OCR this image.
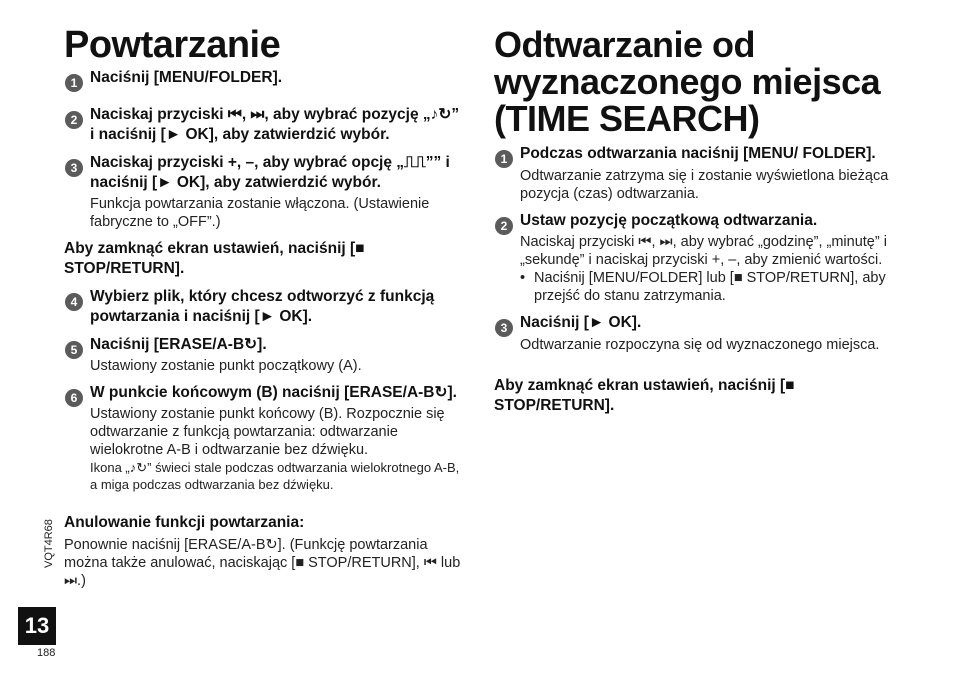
Powtarzanie
1 Naciśnij [MENU/FOLDER].

2 Naciskaj przyciski ⏮, ⏭, aby wybrać pozycję „♪↻” i naciśnij [► OK], aby zatwierdzić wybór.

3 Naciskaj przyciski +, –, aby wybrać opcję „⎍⎍”” i naciśnij [► OK], aby zatwierdzić wybór.

Funkcja powtarzania zostanie włączona. (Ustawienie fabryczne to „OFF”.)

Aby zamknąć ekran ustawień, naciśnij [■ STOP/RETURN].

4 Wybierz plik, który chcesz odtworzyć z funkcją powtarzania i naciśnij [► OK].

5 Naciśnij [ERASE/A-B↻].

Ustawiony zostanie punkt początkowy (A).

6 W punkcie końcowym (B) naciśnij [ERASE/A-B↻].

Ustawiony zostanie punkt końcowy (B). Rozpocznie się odtwarzanie z funkcją powtarzania: odtwarzanie wielokrotne A-B i odtwarzanie bez dźwięku.

Ikona „♪↻” świeci stale podczas odtwarzania wielokrotnego A-B, a miga podczas odtwarzania bez dźwięku.

Anulowanie funkcji powtarzania:

Ponownie naciśnij [ERASE/A-B↻]. (Funkcję powtarzania można także anulować, naciskając [■ STOP/RETURN], ⏮ lub ⏭.)

Odtwarzanie od wyznaczonego miejsca (TIME SEARCH)
1 Podczas odtwarzania naciśnij [MENU/ FOLDER].

Odtwarzanie zatrzyma się i zostanie wyświetlona bieżąca pozycja (czas) odtwarzania.

2 Ustaw pozycję początkową odtwarzania.

Naciskaj przyciski ⏮, ⏭, aby wybrać „godzinę”, „minutę” i „sekundę” i naciskaj przyciski +, –, aby zmienić wartości.

• Naciśnij [MENU/FOLDER] lub [■ STOP/RETURN], aby przejść do stanu zatrzymania.

3 Naciśnij [► OK].

Odtwarzanie rozpoczyna się od wyznaczonego miejsca.

Aby zamknąć ekran ustawień, naciśnij [■ STOP/RETURN].

VQT4R68
13
188
